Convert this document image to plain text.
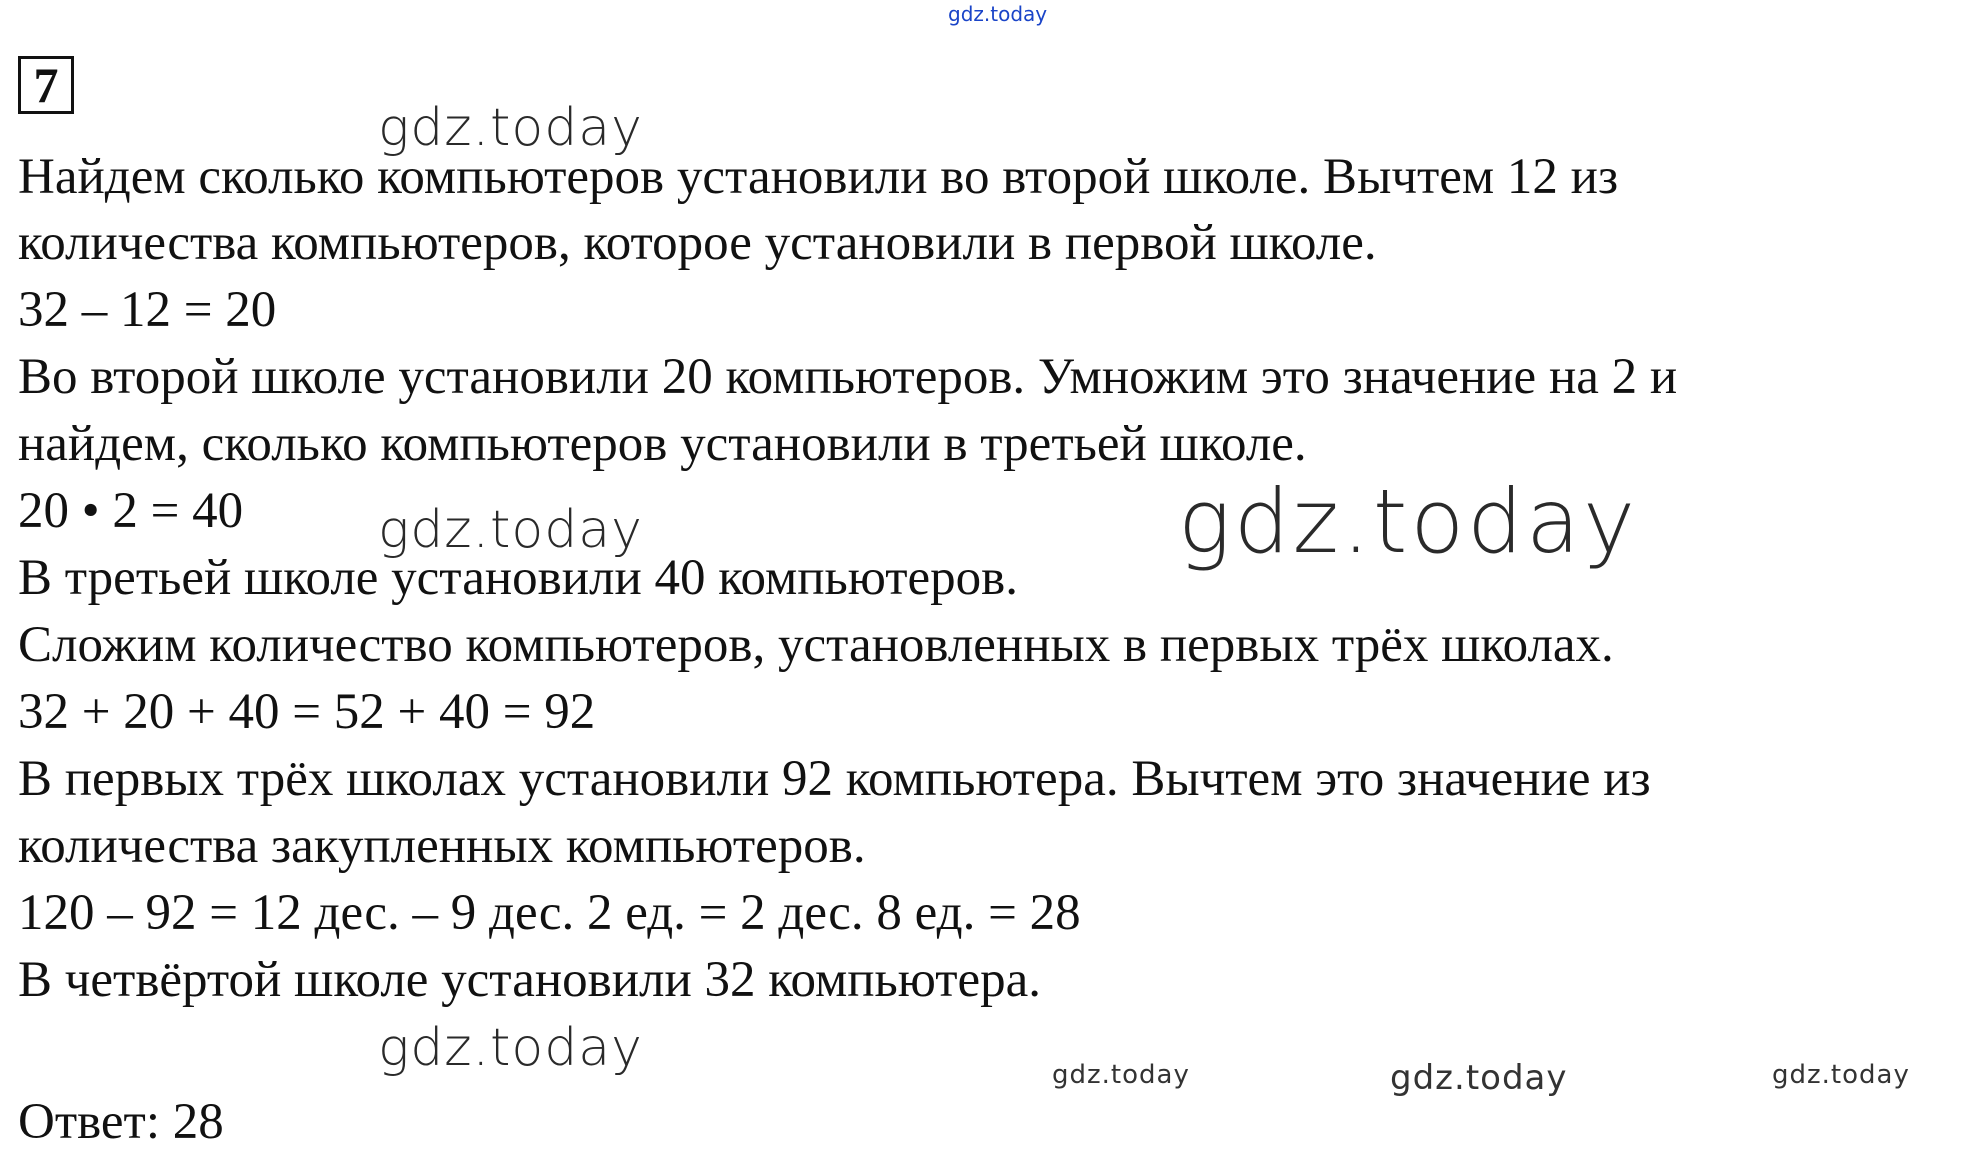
gdz.today
7
gdz.today
Найдем сколько компьютеров установили во второй школе. Вычтем 12 из
количества компьютеров, которое установили в первой школе.
32 – 12 = 20
Во второй школе установили 20 компьютеров. Умножим это значение на 2 и
найдем, сколько компьютеров установили в третьей школе.
20 • 2 = 40	gdz.today	gdz.today
В третьей школе установили 40 компьютеров.
Сложим количество компьютеров, установленных в первых трёх школах.
32 + 20 + 40 = 52 + 40 = 92
В первых трёх школах установили 92 компьютера. Вычтем это значение из
количества закупленных компьютеров.
120 – 92 = 12 дес. – 9 дес. 2 ед. = 2 дес. 8 ед. = 28
В четвёртой школе установили 32 компьютера.
gdz.today	gdz.today	gdz.today	gdz.today
Ответ: 28
